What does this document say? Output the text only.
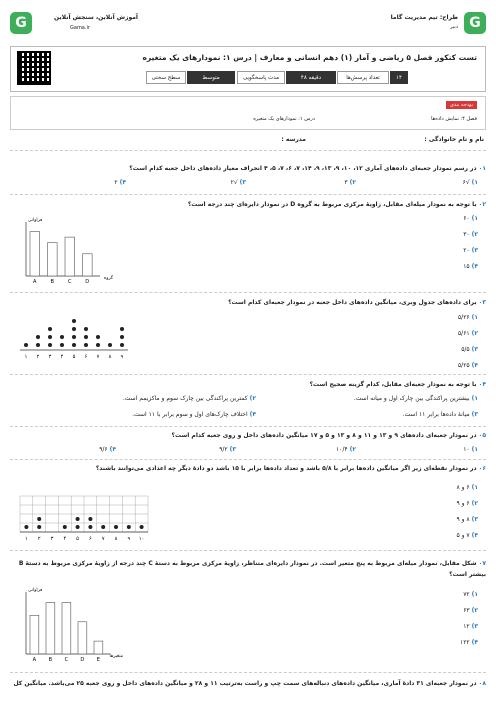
G
طراح: تیم مدیریت گاما
دبیر
G	آموزش آنلاین، سنجش آنلاین
Gama.ir
تست کنکور فصل ۵ ریاضی و آمار (۱) دهم انسانی و معارف | درس ۱: نمودارهای یک متغیره
تعداد پرسش‌ها	۱۴
مدت پاسخگویی	۴۸ دقیقه
سطح سختی	متوسط
بودجه بندی
فصل ۴: نمایش داده‌ها
درس ۱: نمودارهای یک متغیره
نام و نام خانوادگی :
مدرسه :
۰۱ در رسم نمودار جعبه‌ای داده‌های آماری ۱۲، ۱۰، ۹، ۱۳، ۹، ۱۴، ۷، ۶، ۷، ۵، ۴ انحراف معیار داده‌های داخل جعبه کدام است؟
۱) √۶
۲) ۳
۳) √۲
۴) ۲
۰۲ با توجه به نمودار میله‌ای مقابل، زاویهٔ مرکزی مربوط به گروه D در نمودار دایره‌ای چند درجه است؟
۱) ۶۰
۲) ۳۰
۳) ۲۰
۴) ۱۵
فراوانی
گروه
A	B	C	D
۰۳ برای داده‌های جدول وبری، میانگین داده‌های داخل جعبه در نمودار جعبه‌ای کدام است؟
۱) ۵/۲۶
۲) ۵/۶۱
۳) ۵/۵
۴) ۵/۲۵
۱ ۲ ۳ ۴ ۵ ۶ ۷ ۸ ۹
۰۴ با توجه به نمودار جعبه‌ای مقابل، کدام گزینه صحیح است؟
۱) بیشترین پراکندگی بین چارک اول و میانه است.
۲) کمترین پراکندگی بین چارک سوم و ماکزیمم است.
۳) میانهٔ داده‌ها برابر ۱۱ است.
۴) اختلاف چارک‌های اول و سوم برابر با ۱۱ است.
۰۵ در نمودار جعبه‌ای داده‌های ۹ و ۱۳ و ۱۱ و ۸ و ۱۳ و ۵ و ۱۷ میانگین داده‌های داخل و روی جعبه کدام است؟
۱) ۱۰
۲) ۱۰/۴
۳) ۹/۲
۴) ۹/۶
۰۶ در نمودار نقطه‌ای زیر اگر میانگین داده‌ها برابر با ۵/۸ باشد و تعداد داده‌ها برابر با ۱۵ باشد دو دادهٔ دیگر چه اعدادی می‌توانند باشند؟
۱) ۶ و ۸
۲) ۶ و ۹
۳) ۸ و ۹
۴) ۷ و ۵
۱ ۲ ۳ ۴ ۵ ۶ ۷ ۸ ۹ ۱۰
۰۷ شکل مقابل، نمودار میله‌ای مربوط به پنج متغیر است. در نمودار دایره‌ای متناظر، زاویهٔ مرکزی مربوط به دستهٔ C چند درجه از زاویهٔ مرکزی مربوط به دستهٔ B بیشتر است؟
۱) ۷۲
۲) ۶۳
۳) ۱۲
۴) ۱۲۲
فراوانی
متغیرها
A	B	C D E
۰۸ در نمودار جعبه‌ای ۳۱ دادهٔ آماری، میانگین داده‌های دنباله‌های سمت چپ و راست به‌ترتیب ۱۱ و ۲۸ و میانگین داده‌های داخل و روی جعبه ۲۵ می‌باشد. میانگین کل
